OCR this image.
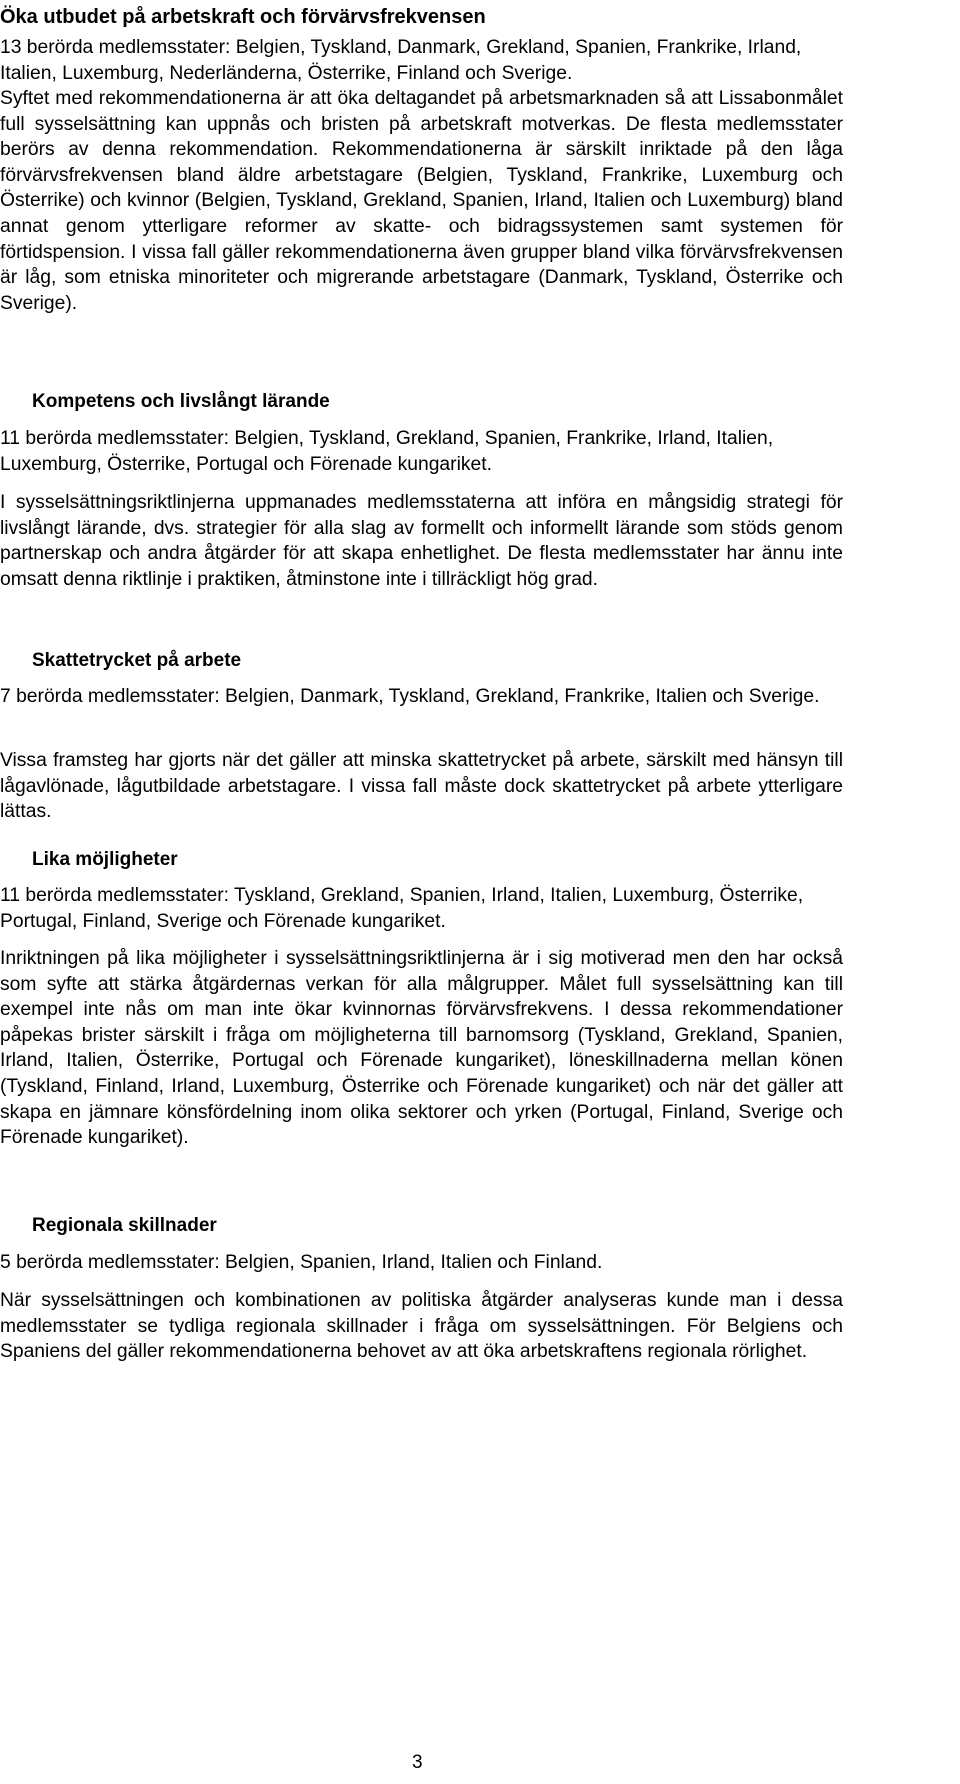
Öka utbudet på arbetskraft och förvärvsfrekvensen

13 berörda medlemsstater: Belgien, Tyskland, Danmark, Grekland, Spanien, Frankrike, Irland, Italien, Luxemburg, Nederländerna, Österrike, Finland och Sverige.

Syftet med rekommendationerna är att öka deltagandet på arbetsmarknaden så att Lissabonmålet full sysselsättning kan uppnås och bristen på arbetskraft motverkas. De flesta medlemsstater berörs av denna rekommendation. Rekommendationerna är särskilt inriktade på den låga förvärvsfrekvensen bland äldre arbetstagare (Belgien, Tyskland, Frankrike, Luxemburg och Österrike) och kvinnor (Belgien, Tyskland, Grekland, Spanien, Irland, Italien och Luxemburg) bland annat genom ytterligare reformer av skatte- och bidragssystemen samt systemen för förtidspension. I vissa fall gäller rekommendationerna även grupper bland vilka förvärvsfrekvensen är låg, som etniska minoriteter och migrerande arbetstagare (Danmark, Tyskland, Österrike och Sverige).

Kompetens och livslångt lärande

11 berörda medlemsstater: Belgien, Tyskland, Grekland, Spanien, Frankrike, Irland, Italien, Luxemburg, Österrike, Portugal och Förenade kungariket.

I sysselsättningsriktlinjerna uppmanades medlemsstaterna att införa en mångsidig strategi för livslångt lärande, dvs. strategier för alla slag av formellt och informellt lärande som stöds genom partnerskap och andra åtgärder för att skapa enhetlighet. De flesta medlemsstater har ännu inte omsatt denna riktlinje i praktiken, åtminstone inte i tillräckligt hög grad.

Skattetrycket på arbete

7 berörda medlemsstater: Belgien, Danmark, Tyskland, Grekland, Frankrike, Italien och Sverige.

Vissa framsteg har gjorts när det gäller att minska skattetrycket på arbete, särskilt med hänsyn till lågavlönade, lågutbildade arbetstagare. I vissa fall måste dock skattetrycket på arbete ytterligare lättas.

Lika möjligheter

11 berörda medlemsstater: Tyskland, Grekland, Spanien, Irland, Italien, Luxemburg, Österrike, Portugal, Finland, Sverige och Förenade kungariket.

Inriktningen på lika möjligheter i sysselsättningsriktlinjerna är i sig motiverad men den har också som syfte att stärka åtgärdernas verkan för alla målgrupper. Målet full sysselsättning kan till exempel inte nås om man inte ökar kvinnornas förvärvsfrekvens. I dessa rekommendationer påpekas brister särskilt i fråga om möjligheterna till barnomsorg (Tyskland, Grekland, Spanien, Irland, Italien, Österrike, Portugal och Förenade kungariket), löneskillnaderna mellan könen (Tyskland, Finland, Irland, Luxemburg, Österrike och Förenade kungariket) och när det gäller att skapa en jämnare könsfördelning inom olika sektorer och yrken (Portugal, Finland, Sverige och Förenade kungariket).

Regionala skillnader

5 berörda medlemsstater: Belgien, Spanien, Irland, Italien och Finland.

När sysselsättningen och kombinationen av politiska åtgärder analyseras kunde man i dessa medlemsstater se tydliga regionala skillnader i fråga om sysselsättningen. För Belgiens och Spaniens del gäller rekommendationerna behovet av att öka arbetskraftens regionala rörlighet.

3
